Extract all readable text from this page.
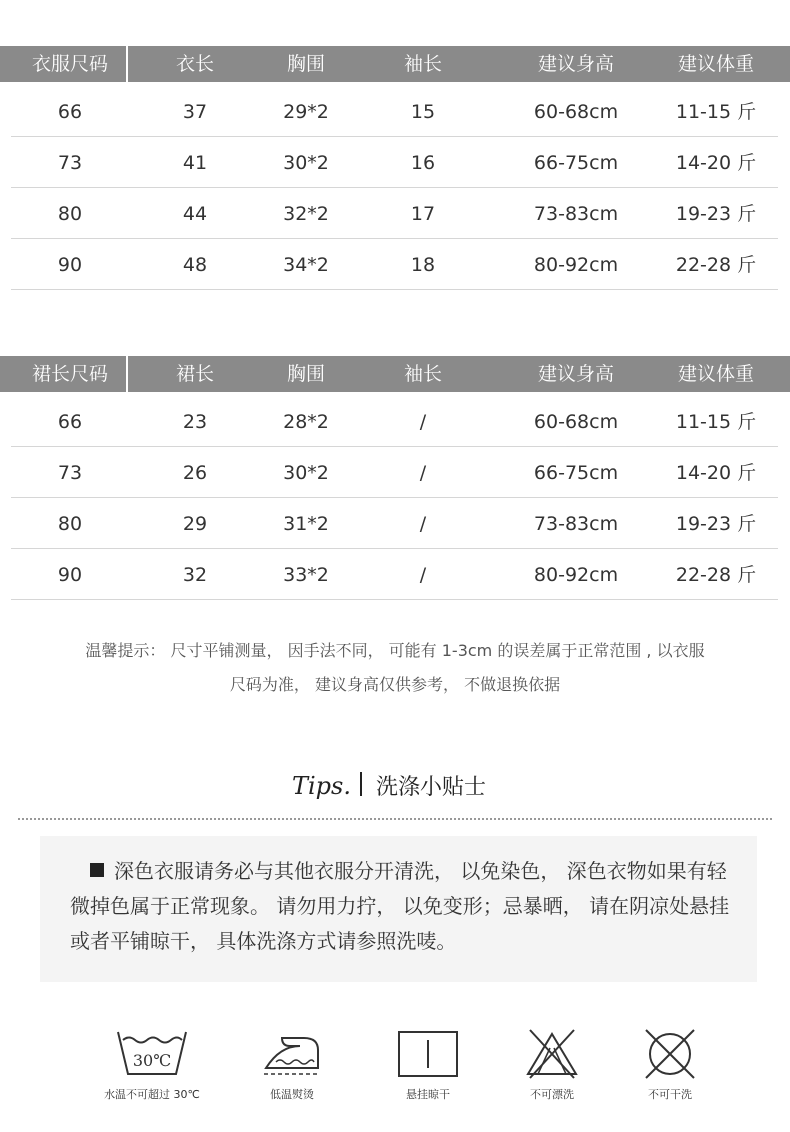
衣服尺码	衣长	胸围	袖长	建议身高	建议体重
66	37	29*2	15	60-68cm	11-15 斤
73	41	30*2	16	66-75cm	14-20 斤
80	44	32*2	17	73-83cm	19-23 斤
90	48	34*2	18	80-92cm	22-28 斤
裙长尺码	裙长	胸围	袖长	建议身高	建议体重
66	23	28*2	/	60-68cm	11-15 斤
73	26	30*2	/	66-75cm	14-20 斤
80	29	31*2	/	73-83cm	19-23 斤
90	32	33*2	/	80-92cm	22-28 斤
温馨提示： 尺寸平铺测量， 因手法不同， 可能有 1-3cm 的误差属于正常范围 , 以衣服
尺码为准， 建议身高仅供参考， 不做退换依据
Tips. 洗涤小贴士
深色衣服请务必与其他衣服分开清洗， 以免染色， 深色衣物如果有轻微掉色属于正常现象。 请勿用力拧， 以免变形；忌暴晒， 请在阴凉处悬挂或者平铺晾干， 具体洗涤方式请参照洗唛。
30℃
水温不可超过 30℃	低温熨烫	悬挂晾干	不可漂洗	不可干洗
